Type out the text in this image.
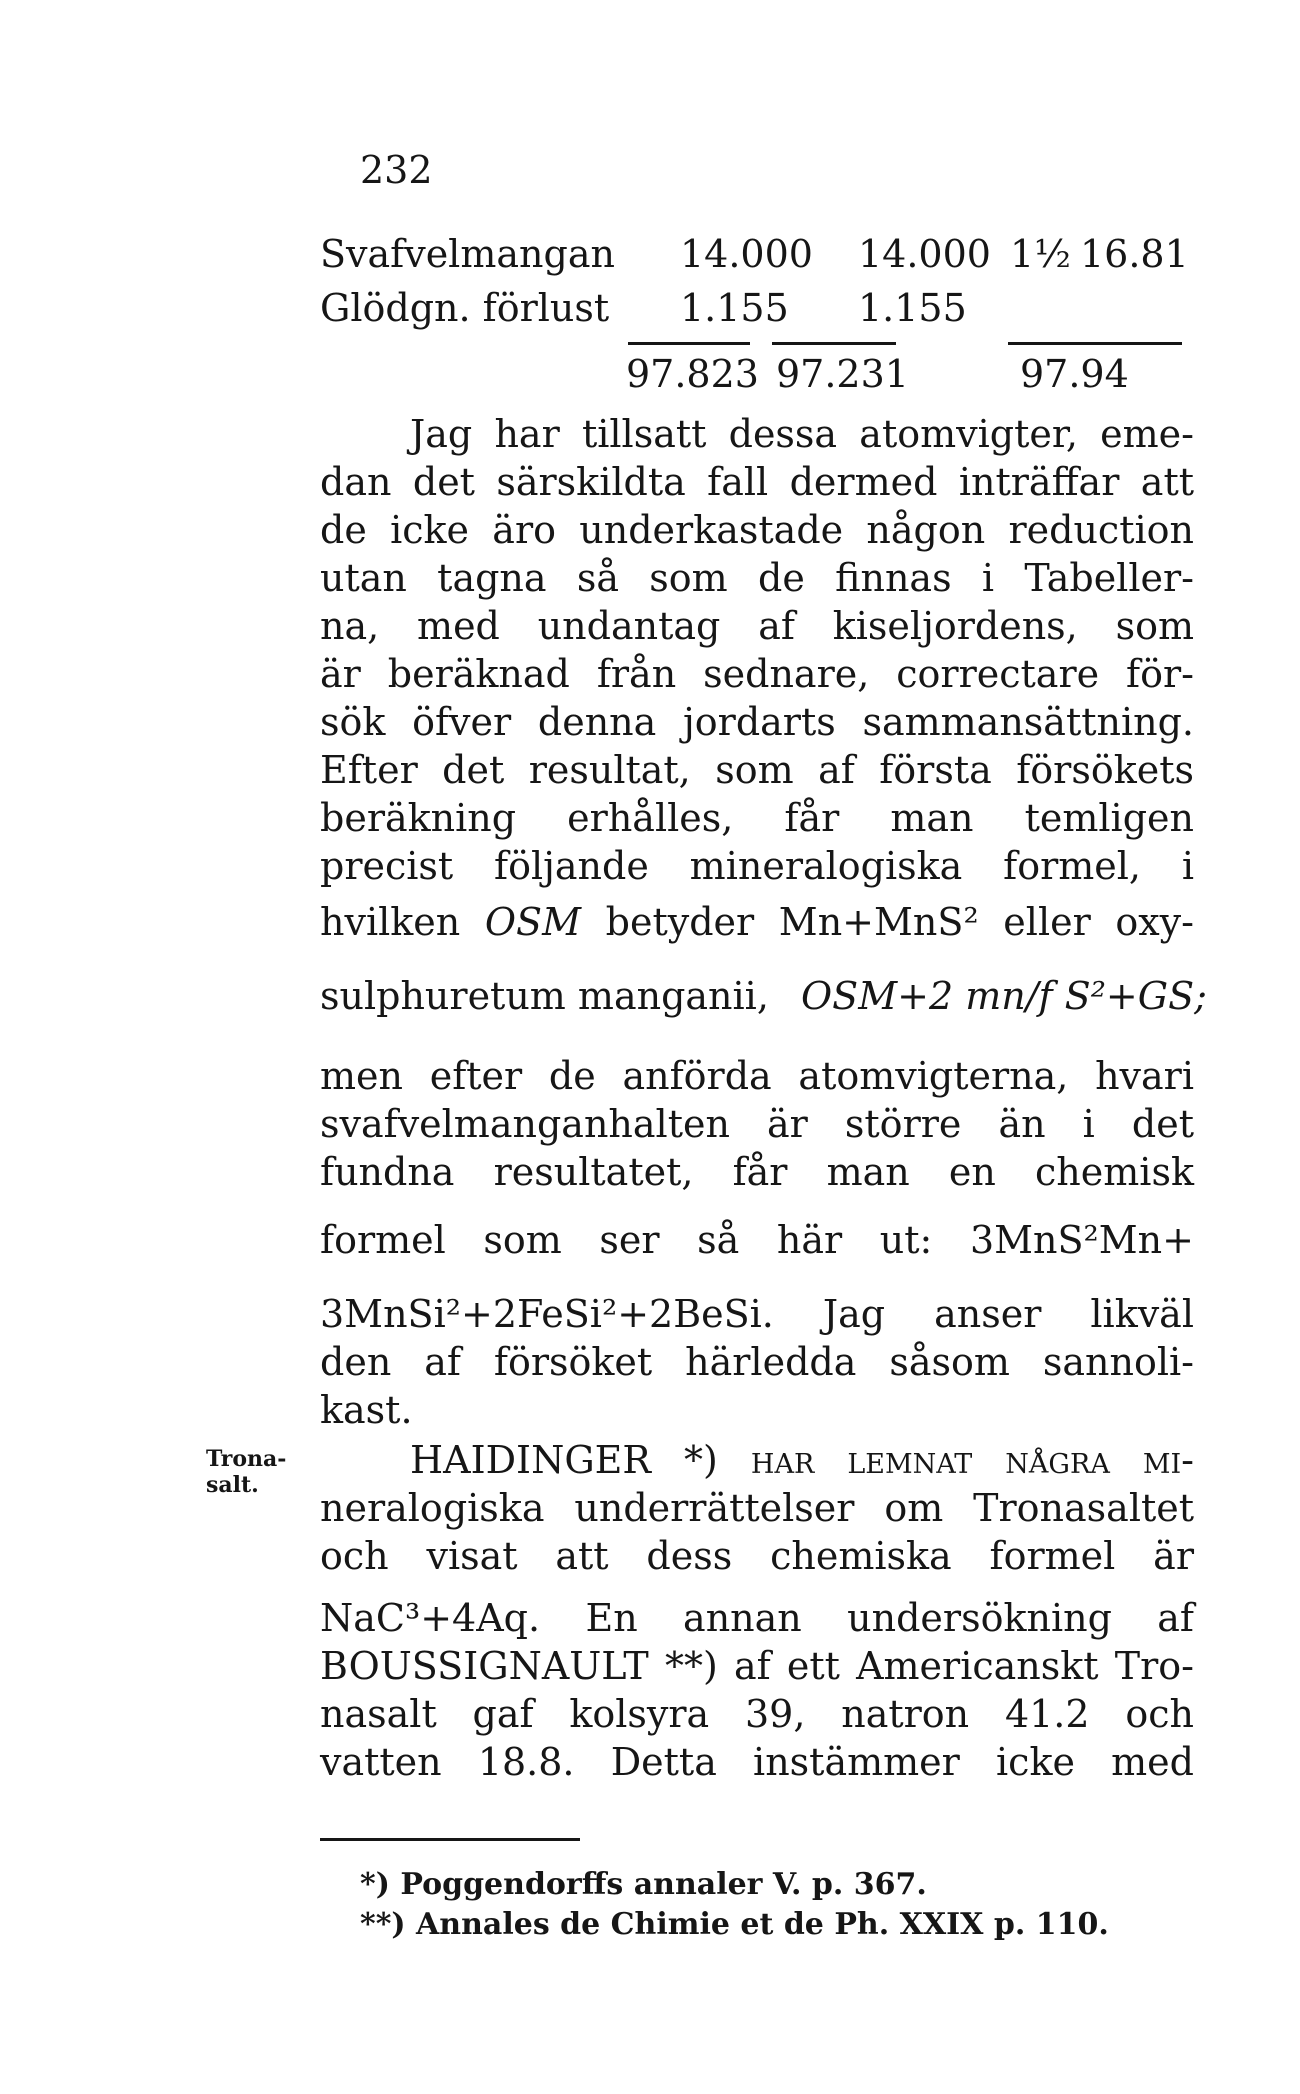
232
Svafvelmangan 14.000 14.000 1½ 16.81
Glödgn. förlust 1.155 1.155
97.823 97.231	97.94
Jag har tillsatt dessa atomvigter, eme-
dan det särskildta fall dermed inträffar att
de icke äro underkastade någon reduction
utan tagna så som de finnas i Tabeller-
na, med undantag af kiseljordens, som
är beräknad från sednare, correctare för-
sök öfver denna jordarts sammansättning.
Efter det resultat, som af första försökets
beräkning erhålles, får man temligen
precist följande mineralogiska formel, i
hvilken OSM betyder Mn+MnS² eller oxy-
sulphuretum manganii, OSM+2 mn/f S²+GS;
men efter de anförda atomvigterna, hvari
svafvelmanganhalten är större än i det
fundna resultatet, får man en chemisk
formel som ser så här ut: 3MnS²Mn+
3MnSi²+2FeSi²+2BeSi. Jag anser likväl
den af försöket härledda såsom sannoli-
kast.
Trona-
salt.
HAIDINGER *) har lemnat några mi-
neralogiska underrättelser om Tronasaltet
och visat att dess chemiska formel är
NaC³+4Aq. En annan undersökning af
BOUSSIGNAULT **) af ett Americanskt Tro-
nasalt gaf kolsyra 39, natron 41.2 och
vatten 18.8. Detta instämmer icke med
*) Poggendorffs annaler V. p. 367.
**) Annales de Chimie et de Ph. XXIX p. 110.
